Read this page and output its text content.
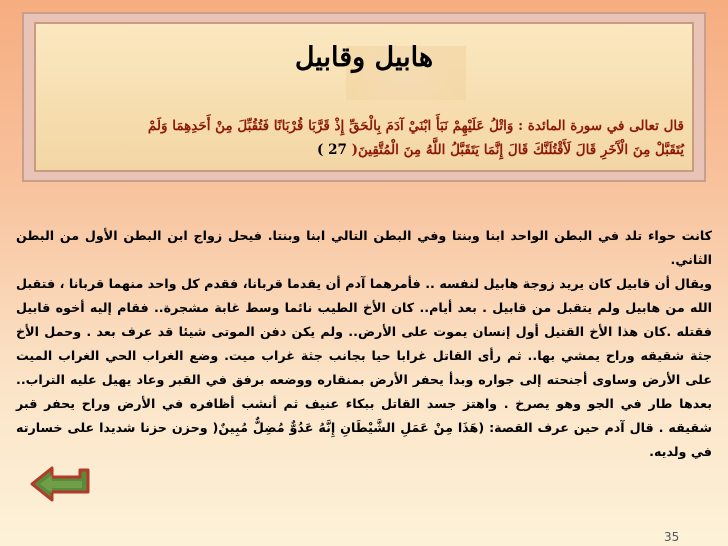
هابيل وقابيل
قال تعالى في سورة المائدة : وَاتْلُ عَلَيْهِمْ نَبَأَ ابْنَيْ آدَمَ بِالْحَقِّ إِذْ قَرَّبَا قُرْبَانًا فَتُقُبِّلَ مِنْ أَحَدِهِمَا وَلَمْ
يُتَقَبَّلْ مِنَ الْآَخَرِ قَالَ لَأَقْتُلَنَّكَ قَالَ إِنَّمَا يَتَقَبَّلُ اللَّهُ مِنَ الْمُتَّقِينَ( 27 )

كانت حواء تلد في البطن الواحد ابنا وبنتا وفي البطن التالي ابنا وبنتا. فيحل زواج ابن البطن الأول من البطن الثاني.

ويقال أن قابيل كان يريد زوجة هابيل لنفسه .. فأمرهما آدم أن يقدما قربانا، فقدم كل واحد منهما قربانا ، فتقبل الله من هابيل ولم يتقبل من قابيل . بعد أيام.. كان الأخ الطيب نائما وسط غابة مشجرة.. فقام إليه أخوه قابيل فقتله .كان هذا الأخ القتيل أول إنسان يموت على الأرض.. ولم يكن دفن الموتى شيئا قد عرف بعد . وحمل الأخ جثة شقيقه وراح يمشي بها.. ثم رأى القاتل غرابا حيا بجانب جثة غراب ميت. وضع الغراب الحي الغراب الميت على الأرض وساوى أجنحته إلى جواره وبدأ يحفر الأرض بمنقاره ووضعه برفق في القبر وعاد يهيل عليه التراب.. بعدها طار في الجو وهو يصرخ . واهتز جسد القاتل ببكاء عنيف ثم أنشب أظافره في الأرض وراح يحفر قبر شقيقه . قال آدم حين عرف القصة: (هَذَا مِنْ عَمَلِ الشَّيْطَانِ إِنَّهُ عَدُوٌّ مُضِلٌّ مُبِينٌ( وحزن حزنا شديدا على خسارته في ولديه.

35
